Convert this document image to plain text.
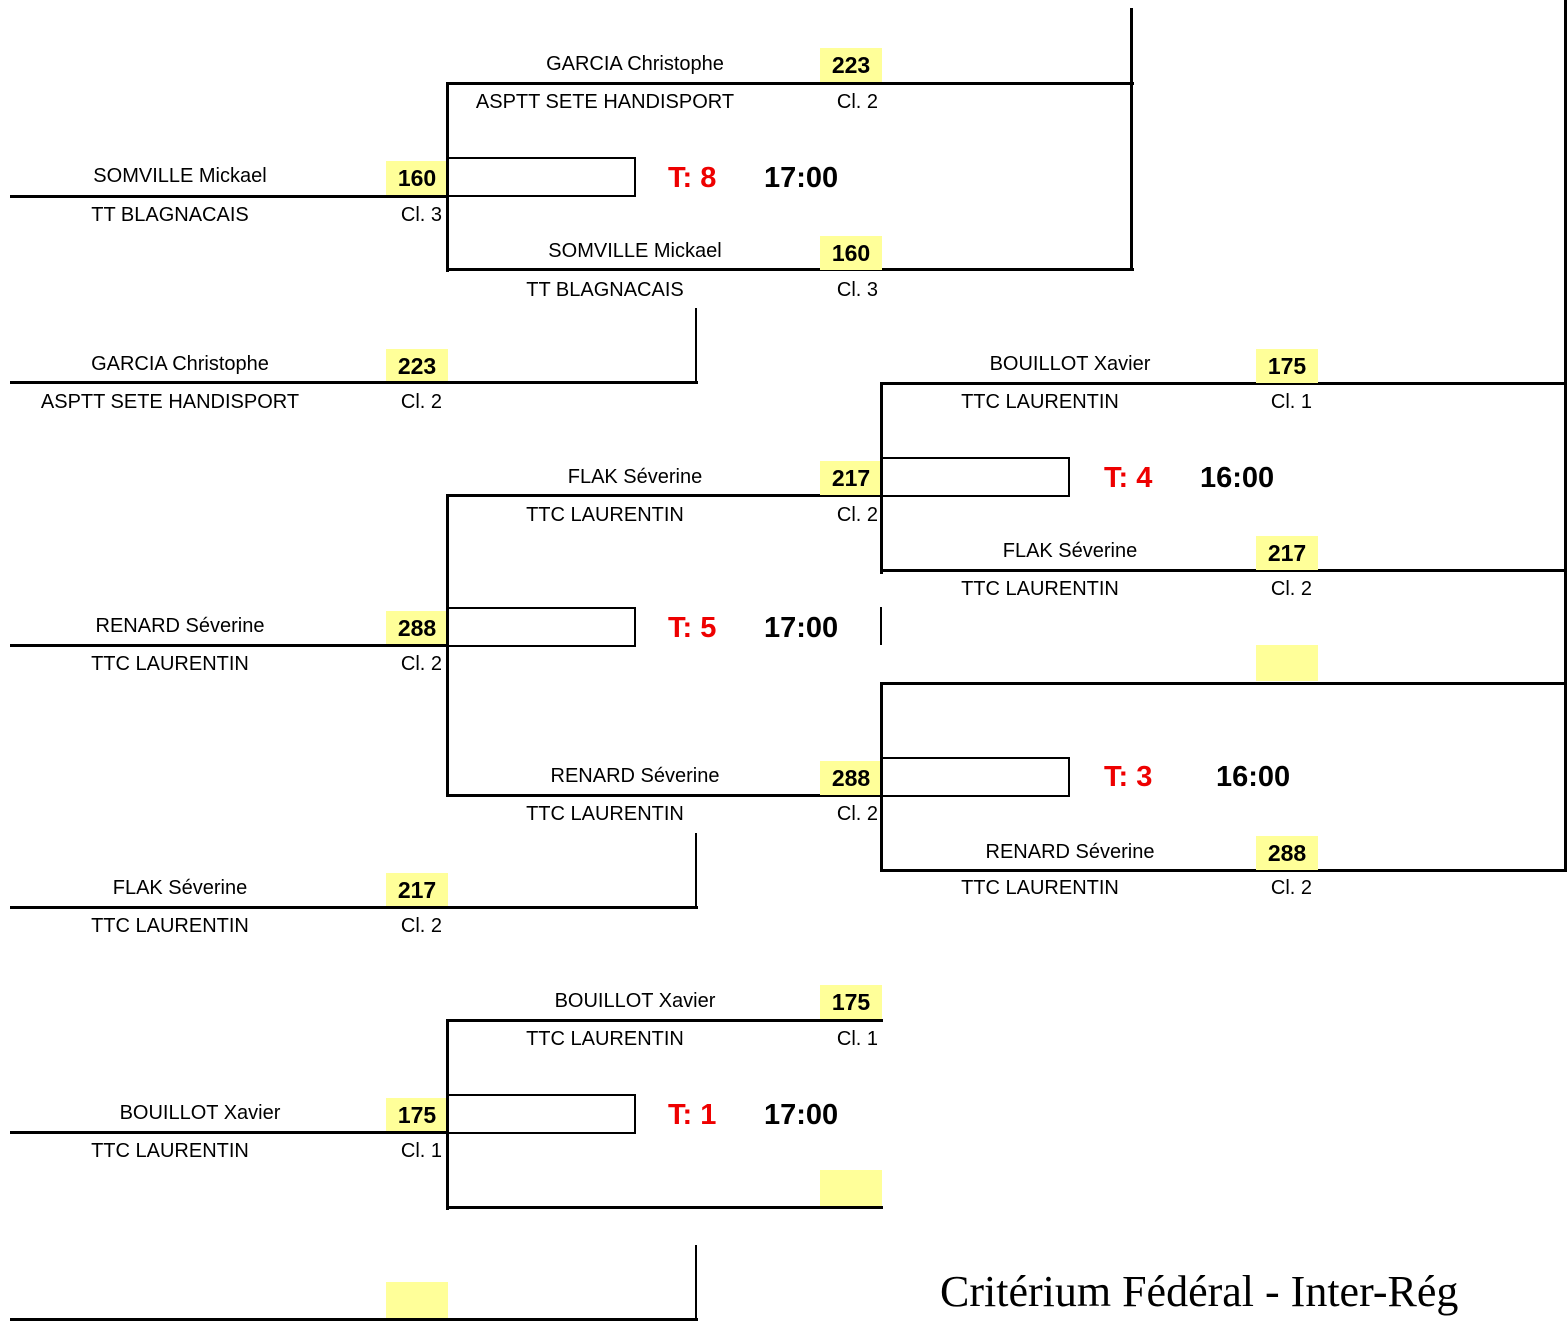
SOMVILLE Mickael	160
TT BLAGNACAIS	Cl. 3
GARCIA Christophe	223
ASPTT SETE HANDISPORT	Cl. 2
RENARD Séverine	288
TTC LAURENTIN	Cl. 2
FLAK Séverine	217
TTC LAURENTIN	Cl. 2
BOUILLOT Xavier	175
TTC LAURENTIN	Cl. 1
T: 8 17:00
GARCIA Christophe	223
ASPTT SETE HANDISPORT	Cl. 2
SOMVILLE Mickael	160
TT BLAGNACAIS	Cl. 3
T: 5 17:00
FLAK Séverine	217
TTC LAURENTIN	Cl. 2
RENARD Séverine	288
TTC LAURENTIN	Cl. 2
T: 1 17:00
BOUILLOT Xavier	175
TTC LAURENTIN	Cl. 1
T: 4 16:00
BOUILLOT Xavier	175
TTC LAURENTIN	Cl. 1
FLAK Séverine	217
TTC LAURENTIN	Cl. 2
T: 3 16:00
RENARD Séverine	288
TTC LAURENTIN	Cl. 2
Critérium Fédéral - Inter-Rég
